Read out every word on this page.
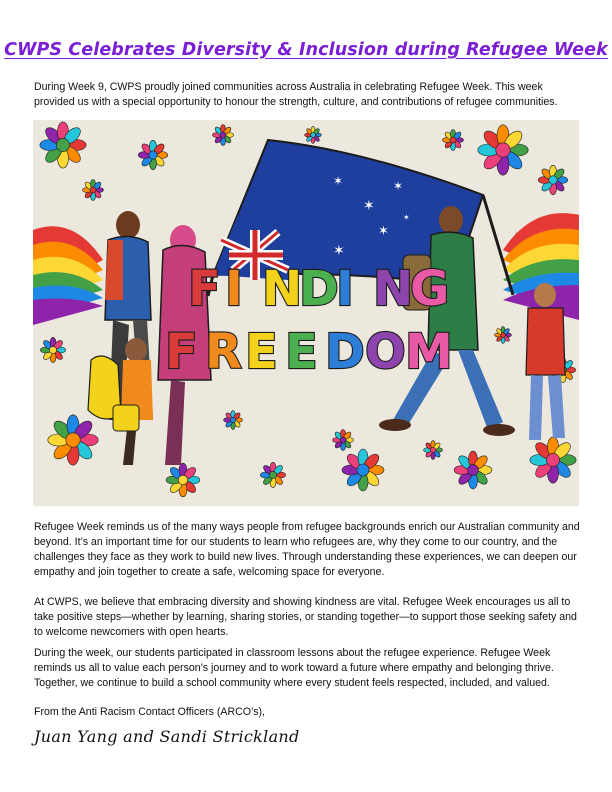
CWPS Celebrates Diversity & Inclusion during Refugee Week

During Week 9, CWPS proudly joined communities across Australia in celebrating Refugee Week. This week provided us with a special opportunity to honour the strength, culture, and contributions of refugee communities.

✶
✶	✶
✶
✶
✶
F I N
D
I N
G
F R E E D O
M

Refugee Week reminds us of the many ways people from refugee backgrounds enrich our Australian community and beyond. It’s an important time for our students to learn who refugees are, why they come to our country, and the challenges they face as they work to build new lives. Through understanding these experiences, we can deepen our empathy and join together to create a safe, welcoming space for everyone.

At CWPS, we believe that embracing diversity and showing kindness are vital. Refugee Week encourages us all to take positive steps—whether by learning, sharing stories, or standing together—to support those seeking safety and to welcome newcomers with open hearts.

During the week, our students participated in classroom lessons about the refugee experience. Refugee Week reminds us all to value each person’s journey and to work toward a future where empathy and belonging thrive. Together, we continue to build a school community where every student feels respected, included, and valued.

From the Anti Racism Contact Officers (ARCO’s),

Juan Yang and Sandi Strickland
